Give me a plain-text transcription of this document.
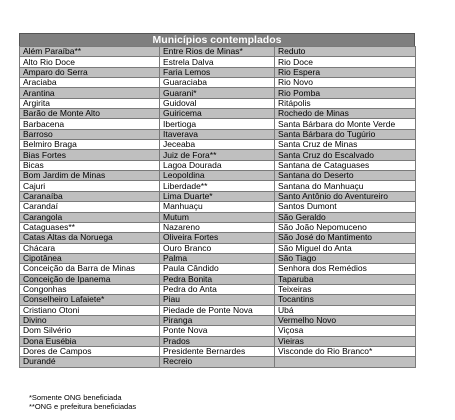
Municípios contemplados
Além Paraíba**	Entre Rios de Minas*	Reduto
Alto Rio Doce	Estrela Dalva	Rio Doce
Amparo do Serra	Faria Lemos	Rio Espera
Araciaba	Guaraciaba	Rio Novo
Arantina	Guarani*	Rio Pomba
Argirita	Guidoval	Ritápolis
Barão de Monte Alto	Guiricema	Rochedo de Minas
Barbacena	Ibertioga	Santa Bárbara do Monte Verde
Barroso	Itaverava	Santa Bárbara do Tugúrio
Belmiro Braga	Jeceaba	Santa Cruz de Minas
Bias Fortes	Juiz de Fora**	Santa Cruz do Escalvado
Bicas	Lagoa Dourada	Santana de Cataguases
Bom Jardim de Minas	Leopoldina	Santana do Deserto
Cajuri	Liberdade**	Santana do Manhuaçu
Caranaíba	Lima Duarte*	Santo Antônio do Aventureiro
Carandaí	Manhuaçu	Santos Dumont
Carangola	Mutum	São Geraldo
Cataguases**	Nazareno	São João Nepomuceno
Catas Altas da Noruega	Oliveira Fortes	São José do Mantimento
Chácara	Ouro Branco	São Miguel do Anta
Cipotânea	Palma	São Tiago
Conceição da Barra de Minas	Paula Cândido	Senhora dos Remédios
Conceição de Ipanema	Pedra Bonita	Taparuba
Congonhas	Pedra do Anta	Teixeiras
Conselheiro Lafaiete*	Piau	Tocantins
Cristiano Otoni	Piedade de Ponte Nova	Ubá
Divino	Piranga	Vermelho Novo
Dom Silvério	Ponte Nova	Viçosa
Dona Eusébia	Prados	Vieiras
Dores de Campos	Presidente Bernardes	Visconde do Rio Branco*
Durandé	Recreio	
*Somente ONG beneficiada
**ONG e prefeitura beneficiadas
